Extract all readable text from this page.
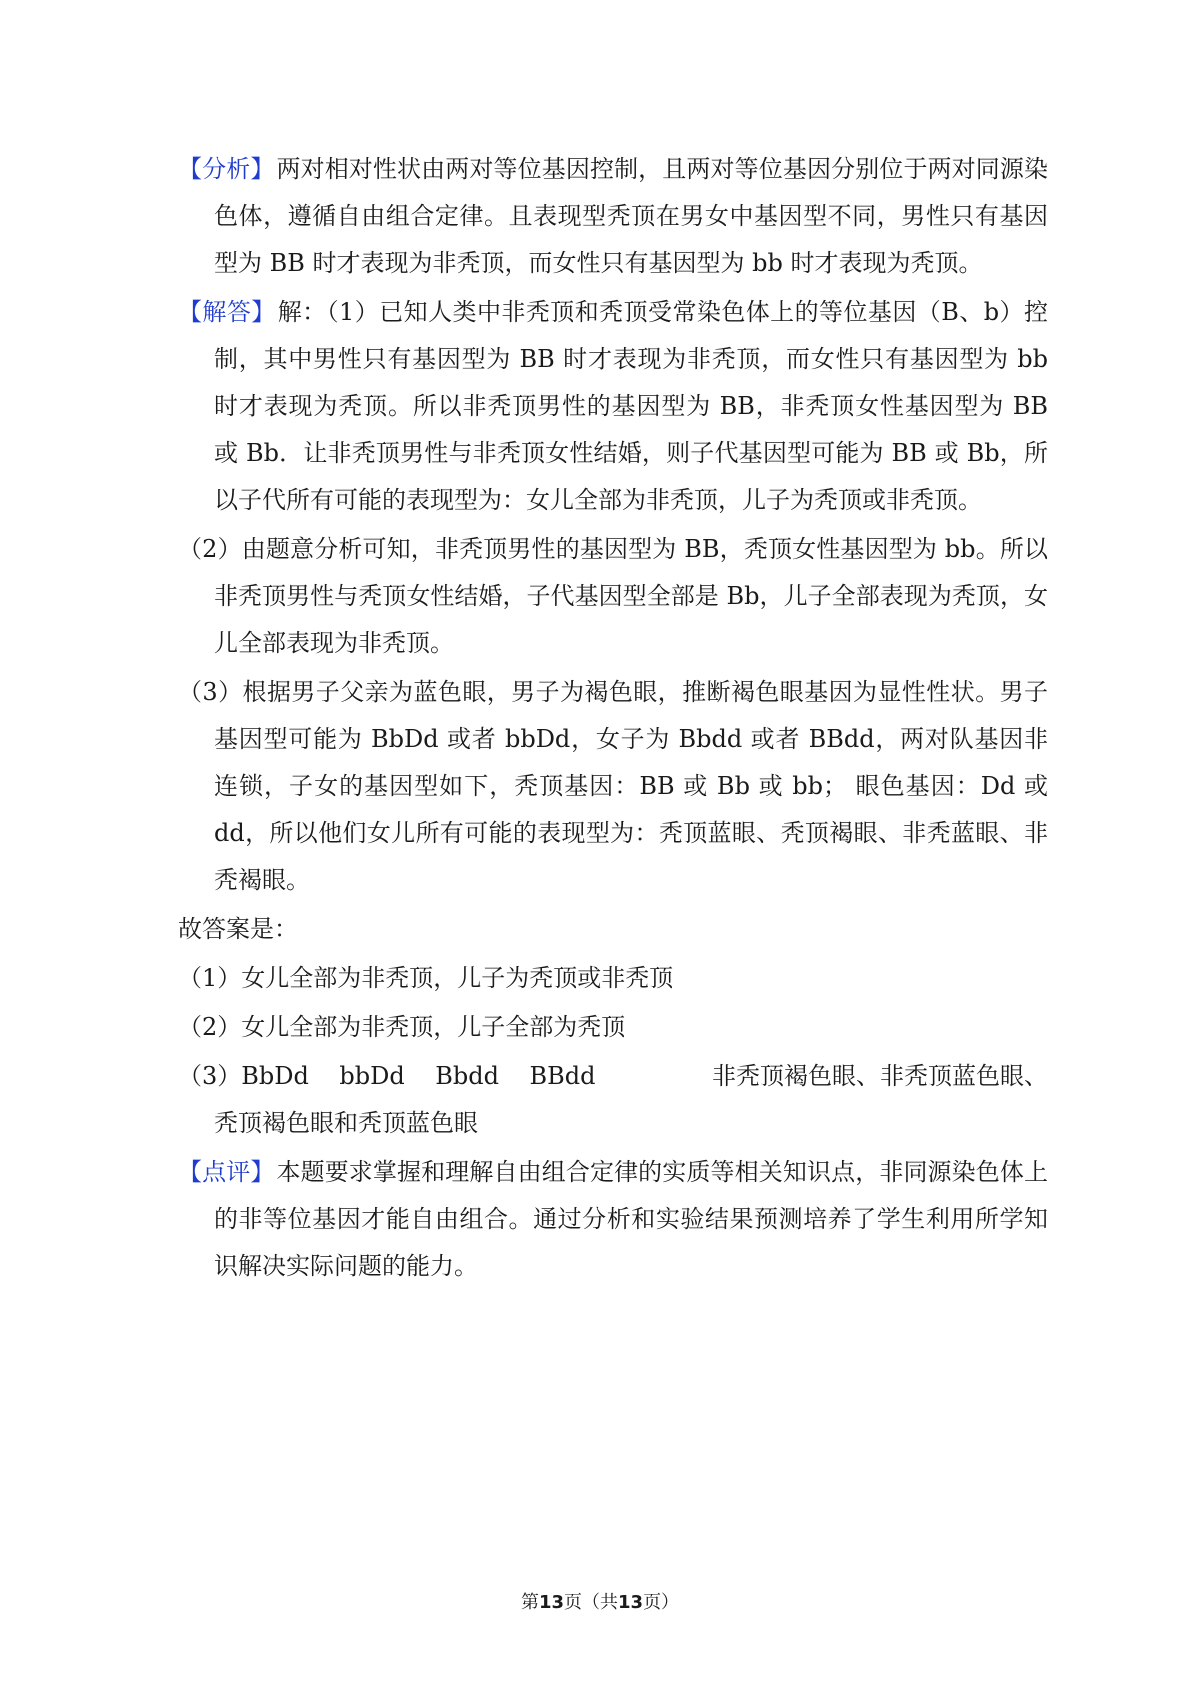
【分析】两对相对性状由两对等位基因控制，且两对等位基因分别位于两对同源染色体，遵循自由组合定律。且表现型秃顶在男女中基因型不同，男性只有基因型为 BB 时才表现为非秃顶，而女性只有基因型为 bb 时才表现为秃顶。

【解答】解：（1）已知人类中非秃顶和秃顶受常染色体上的等位基因（B、b）控制，其中男性只有基因型为 BB 时才表现为非秃顶，而女性只有基因型为 bb 时才表现为秃顶。所以非秃顶男性的基因型为 BB，非秃顶女性基因型为 BB 或 Bb．让非秃顶男性与非秃顶女性结婚，则子代基因型可能为 BB 或 Bb，所以子代所有可能的表现型为：女儿全部为非秃顶，儿子为秃顶或非秃顶。

（2）由题意分析可知，非秃顶男性的基因型为 BB，秃顶女性基因型为 bb。所以非秃顶男性与秃顶女性结婚，子代基因型全部是 Bb，儿子全部表现为秃顶，女儿全部表现为非秃顶。

（3）根据男子父亲为蓝色眼，男子为褐色眼，推断褐色眼基因为显性性状。男子基因型可能为 BbDd 或者 bbDd，女子为 Bbdd 或者 BBdd，两对队基因非连锁，子女的基因型如下，秃顶基因：BB 或 Bb 或 bb； 眼色基因：Dd 或 dd，所以他们女儿所有可能的表现型为：秃顶蓝眼、秃顶褐眼、非秃蓝眼、非秃褐眼。

故答案是：

（1）女儿全部为非秃顶，儿子为秃顶或非秃顶

（2）女儿全部为非秃顶，儿子全部为秃顶

（3）BbDd    bbDd    Bbdd    BBdd	非秃顶褐色眼、非秃顶蓝色眼、
秃顶褐色眼和秃顶蓝色眼

【点评】本题要求掌握和理解自由组合定律的实质等相关知识点，非同源染色体上的非等位基因才能自由组合。通过分析和实验结果预测培养了学生利用所学知识解决实际问题的能力。

第13页（共13页）
